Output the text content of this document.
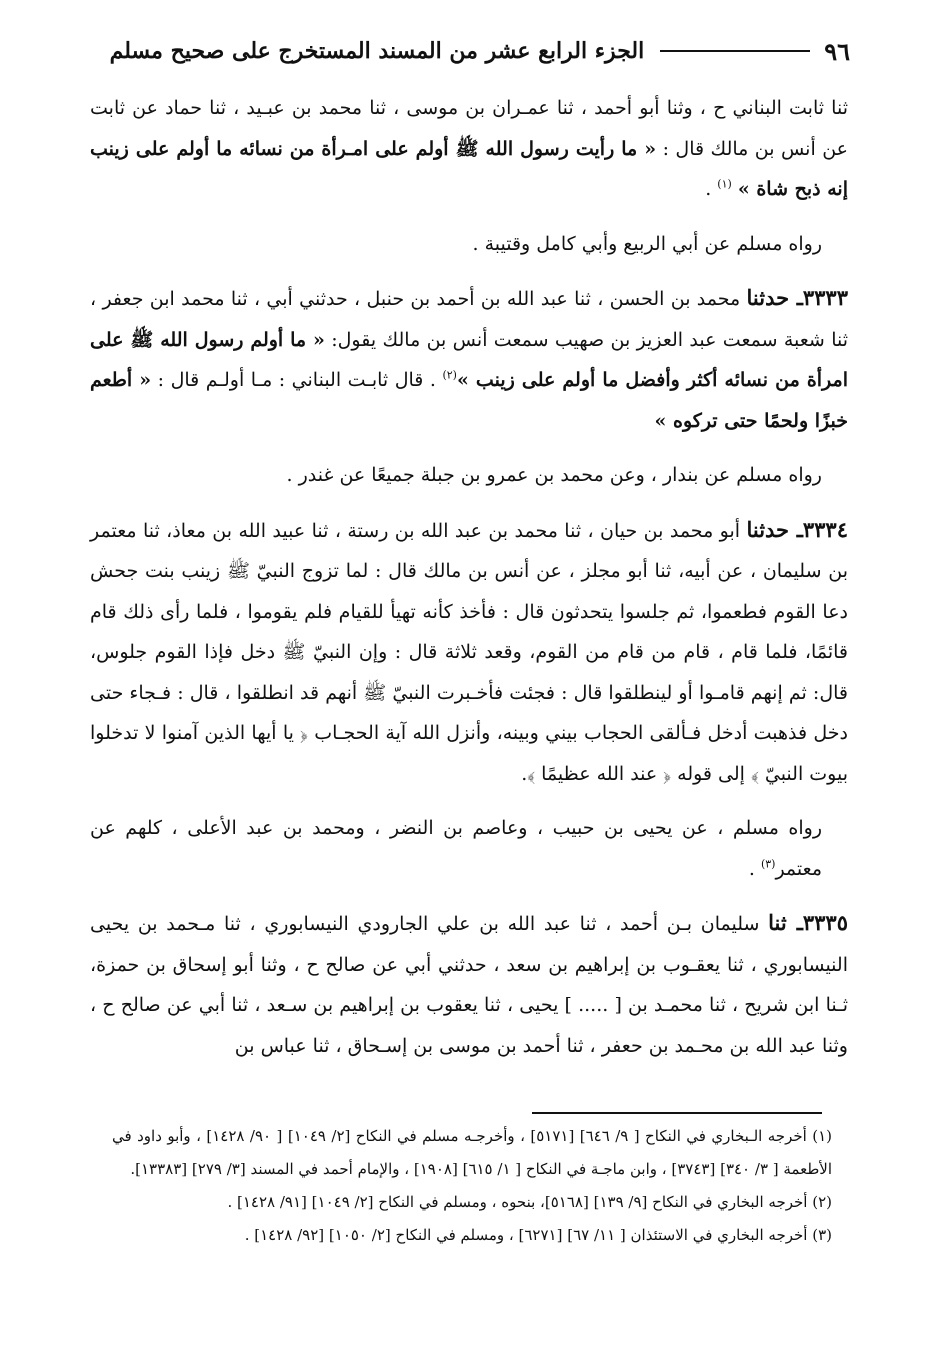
٩٦
الجزء الرابع عشر من المسند المستخرج على صحيح مسلم

ثنا ثابت البناني ح ، وثنا أبو أحمد ، ثنا عمـران بن موسى ، ثنا محمد بن عبـيد ، ثنا حماد عن ثابت عن أنس بن مالك قال : « ما رأيت رسول الله ﷺ أولم على امـرأة من نسائه ما أولم على زينب إنه ذبح شاة » $^{(١)}$ .

رواه مسلم عن أبي الربيع وأبي كامل وقتيبة .

٣٣٣٣ـ حدثنا محمد بن الحسن ، ثنا عبد الله بن أحمد بن حنبل ، حدثني أبي ، ثنا محمد ابن جعفر ، ثنا شعبة سمعت عبد العزيز بن صهيب سمعت أنس بن مالك يقول: « ما أولم رسول الله ﷺ على امرأة من نسائه أكثر وأفضل ما أولم على زينب »$^{(٢)}$ . قال ثابـت البناني : مـا أولـم قال : « أطعم خبزًا ولحمًا حتى تركوه »

رواه مسلم عن بندار ، وعن محمد بن عمرو بن جبلة جميعًا عن غندر .

٣٣٣٤ـ حدثنا أبو محمد بن حيان ، ثنا محمد بن عبد الله بن رستة ، ثنا عبيد الله بن معاذ، ثنا معتمر بن سليمان ، عن أبيه، ثنا أبو مجلز ، عن أنس بن مالك قال : لما تزوج النبيّ ﷺ زينب بنت جحش دعا القوم فطعموا، ثم جلسوا يتحدثون قال : فأخذ كأنه تهيأ للقيام فلم يقوموا ، فلما رأى ذلك قام قائمًا، فلما قام ، قام من قام من القوم، وقعد ثلاثة قال : وإن النبيّ ﷺ دخل فإذا القوم جلوس، قال: ثم إنهم قامـوا أو لينطلقوا قال : فجئت فأخـبرت النبيّ ﷺ أنهم قد انطلقوا ، قال : فـجاء حتى دخل فذهبت أدخل فـألقى الحجاب بيني وبينه، وأنزل الله آية الحجـاب ﴿ يا أيها الذين آمنوا لا تدخلوا بيوت النبيّ ﴾ إلى قوله ﴿ عند الله عظيمًا ﴾.

رواه مسلم ، عن يحيى بن حبيب ، وعاصم بن النضر ، ومحمد بن عبد الأعلى ، كلهم عن معتمر$^{(٣)}$ .

٣٣٣٥ـ ثنا سليمان بـن أحمد ، ثنا عبد الله بن علي الجارودي النيسابوري ، ثنا مـحمد بن يحيى النيسابوري ، ثنا يعقـوب بن إبراهيم بن سعد ، حدثني أبي عن صالح ح ، وثنا أبو إسحاق بن حمزة، ثـنا ابن شريح ، ثنا محمـد بن [ ..... ] يحيى ، ثنا يعقوب بن إبراهيم بن سـعد ، ثنا أبي عن صالح ح ، وثنا عبد الله بن محـمد بن حعفر ، ثنا أحمد بن موسى بن إسـحاق ، ثنا عباس بن

(١) أخرجه الـبخاري في النكاح [ ٩/ ٦٤٦] [٥١٧١] ، وأخرجـه مسلم في النكاح [٢/ ١٠٤٩] [ ٩٠/ ١٤٢٨] ، وأبو داود في الأطعمة [ ٣/ ٣٤٠] [٣٧٤٣] ، وابن ماجـة في النكاح [ ١/ ٦١٥] [١٩٠٨] ، والإمام أحمد في المسند [٣/ ٢٧٩] [١٣٣٨٣].

(٢) أخرجه البخاري في النكاح [٩/ ١٣٩] [٥١٦٨]، بنحوه ، ومسلم في النكاح [٢/ ١٠٤٩] [٩١/ ١٤٢٨] .

(٣) أخرجه البخاري في الاستئذان [ ١١/ ٦٧] [٦٢٧١] ، ومسلم في النكاح [٢/ ١٠٥٠] [٩٢/ ١٤٢٨] .
